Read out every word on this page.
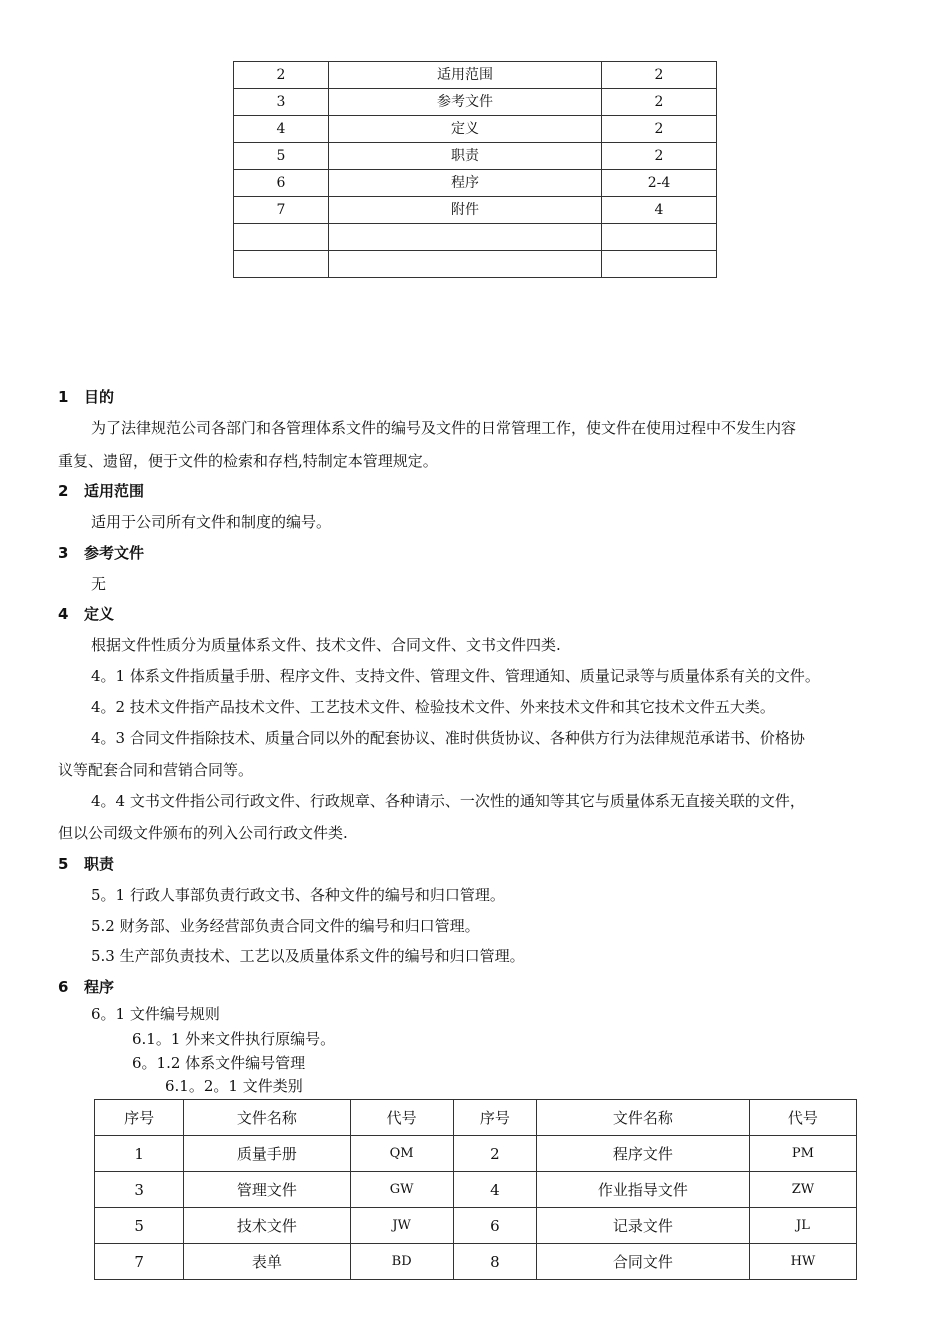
2	适用范围	2
3	参考文件	2
4	定义	2
5	职责	2
6	程序	2-4
7	附件	4

1 目的
为了法律规范公司各部门和各管理体系文件的编号及文件的日常管理工作，使文件在使用过程中不发生内容
重复、遗留，便于文件的检索和存档,特制定本管理规定。
2 适用范围
适用于公司所有文件和制度的编号。
3 参考文件
无
4 定义
根据文件性质分为质量体系文件、技术文件、合同文件、文书文件四类.
4。1 体系文件指质量手册、程序文件、支持文件、管理文件、管理通知、质量记录等与质量体系有关的文件。
4。2 技术文件指产品技术文件、工艺技术文件、检验技术文件、外来技术文件和其它技术文件五大类。
4。3 合同文件指除技术、质量合同以外的配套协议、准时供货协议、各种供方行为法律规范承诺书、价格协
议等配套合同和营销合同等。
4。4 文书文件指公司行政文件、行政规章、各种请示、一次性的通知等其它与质量体系无直接关联的文件，
但以公司级文件颁布的列入公司行政文件类.
5 职责
5。1 行政人事部负责行政文书、各种文件的编号和归口管理。
5.2 财务部、业务经营部负责合同文件的编号和归口管理。
5.3 生产部负责技术、工艺以及质量体系文件的编号和归口管理。
6 程序
6。1 文件编号规则
6.1。1 外来文件执行原编号。
6。1.2 体系文件编号管理
6.1。2。1 文件类别
序号	文件名称	代号	序号	文件名称	代号
1	质量手册	QM	2	程序文件	PM
3	管理文件	GW	4	作业指导文件	ZW
5	技术文件	JW	6	记录文件	JL
7	表单	BD	8	合同文件	HW
